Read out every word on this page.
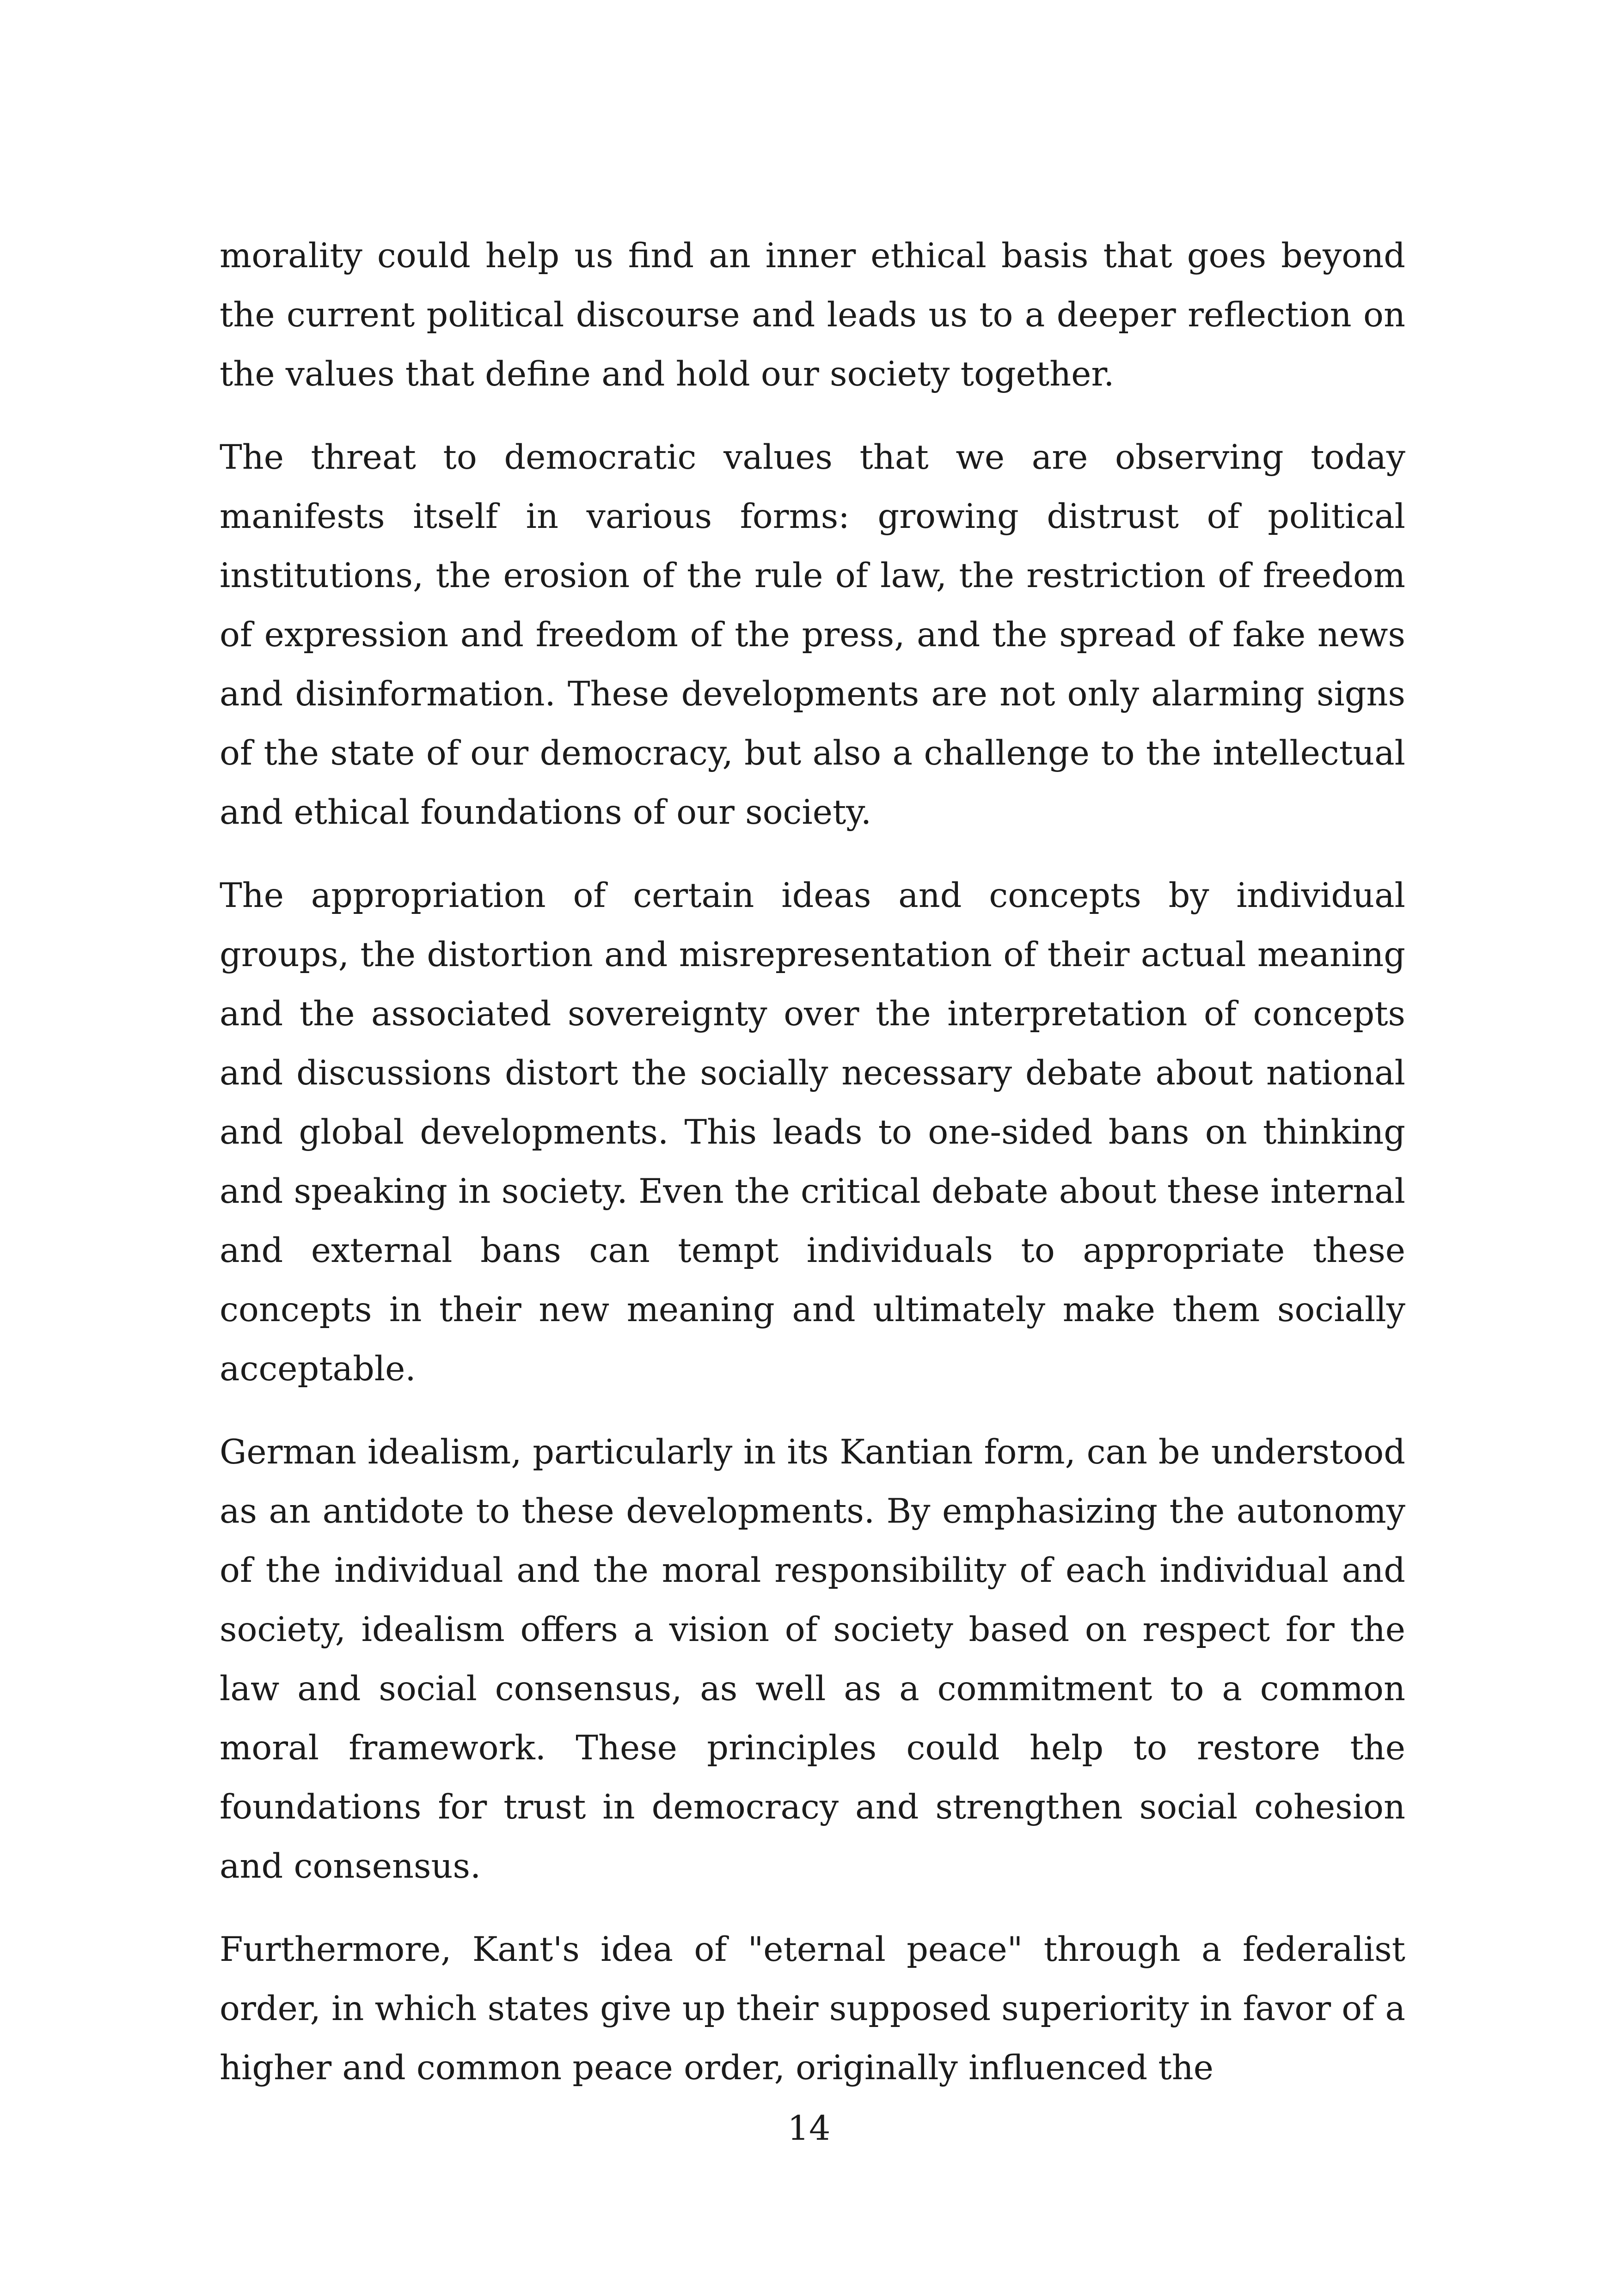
morality could help us find an inner ethical basis that goes beyond the current political discourse and leads us to a deeper reflection on the values that define and hold our society together.

The threat to democratic values that we are observing today manifests itself in various forms: growing distrust of political institutions, the erosion of the rule of law, the restriction of freedom of expression and freedom of the press, and the spread of fake news and disinformation. These developments are not only alarming signs of the state of our democracy, but also a challenge to the intellectual and ethical foundations of our society.

The appropriation of certain ideas and concepts by individual groups, the distortion and misrepresentation of their actual meaning and the associated sovereignty over the interpretation of concepts and discussions distort the socially necessary debate about national and global developments. This leads to one-sided bans on thinking and speaking in society. Even the critical debate about these internal and external bans can tempt individuals to appropriate these concepts in their new meaning and ultimately make them socially acceptable.

German idealism, particularly in its Kantian form, can be understood as an antidote to these developments. By emphasizing the autonomy of the individual and the moral responsibility of each individual and society, idealism offers a vision of society based on respect for the law and social consensus, as well as a commitment to a common moral framework. These principles could help to restore the foundations for trust in democracy and strengthen social cohesion and consensus.

Furthermore, Kant's idea of "eternal peace" through a federalist order, in which states give up their supposed superiority in favor of a higher and common peace order, originally influenced the

14
